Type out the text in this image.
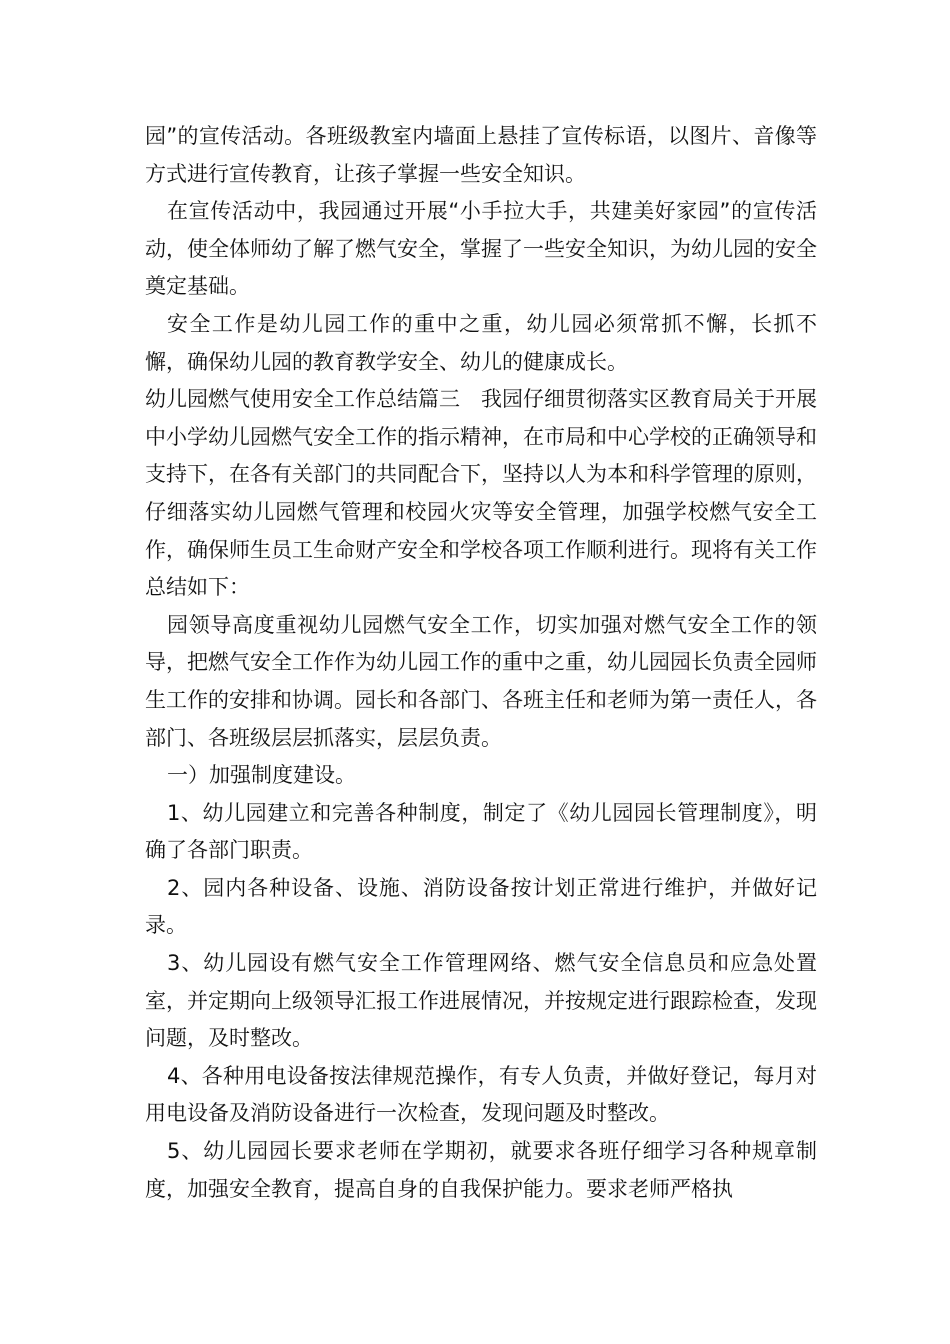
园”的宣传活动。各班级教室内墙面上悬挂了宣传标语，以图片、音像等方式进行宣传教育，让孩子掌握一些安全知识。

在宣传活动中，我园通过开展“小手拉大手，共建美好家园”的宣传活动，使全体师幼了解了燃气安全，掌握了一些安全知识，为幼儿园的安全奠定基础。

安全工作是幼儿园工作的重中之重，幼儿园必须常抓不懈，长抓不懈，确保幼儿园的教育教学安全、幼儿的健康成长。

幼儿园燃气使用安全工作总结篇三　我园仔细贯彻落实区教育局关于开展中小学幼儿园燃气安全工作的指示精神，在市局和中心学校的正确领导和支持下，在各有关部门的共同配合下，坚持以人为本和科学管理的原则，仔细落实幼儿园燃气管理和校园火灾等安全管理，加强学校燃气安全工作，确保师生员工生命财产安全和学校各项工作顺利进行。现将有关工作总结如下：

园领导高度重视幼儿园燃气安全工作，切实加强对燃气安全工作的领导，把燃气安全工作作为幼儿园工作的重中之重，幼儿园园长负责全园师生工作的安排和协调。园长和各部门、各班主任和老师为第一责任人，各部门、各班级层层抓落实，层层负责。

一）加强制度建设。

1、幼儿园建立和完善各种制度，制定了《幼儿园园长管理制度》，明确了各部门职责。

2、园内各种设备、设施、消防设备按计划正常进行维护，并做好记录。

3、幼儿园设有燃气安全工作管理网络、燃气安全信息员和应急处置室，并定期向上级领导汇报工作进展情况，并按规定进行跟踪检查，发现问题，及时整改。

4、各种用电设备按法律规范操作，有专人负责，并做好登记，每月对用电设备及消防设备进行一次检查，发现问题及时整改。

5、幼儿园园长要求老师在学期初，就要求各班仔细学习各种规章制度，加强安全教育，提高自身的自我保护能力。要求老师严格执
